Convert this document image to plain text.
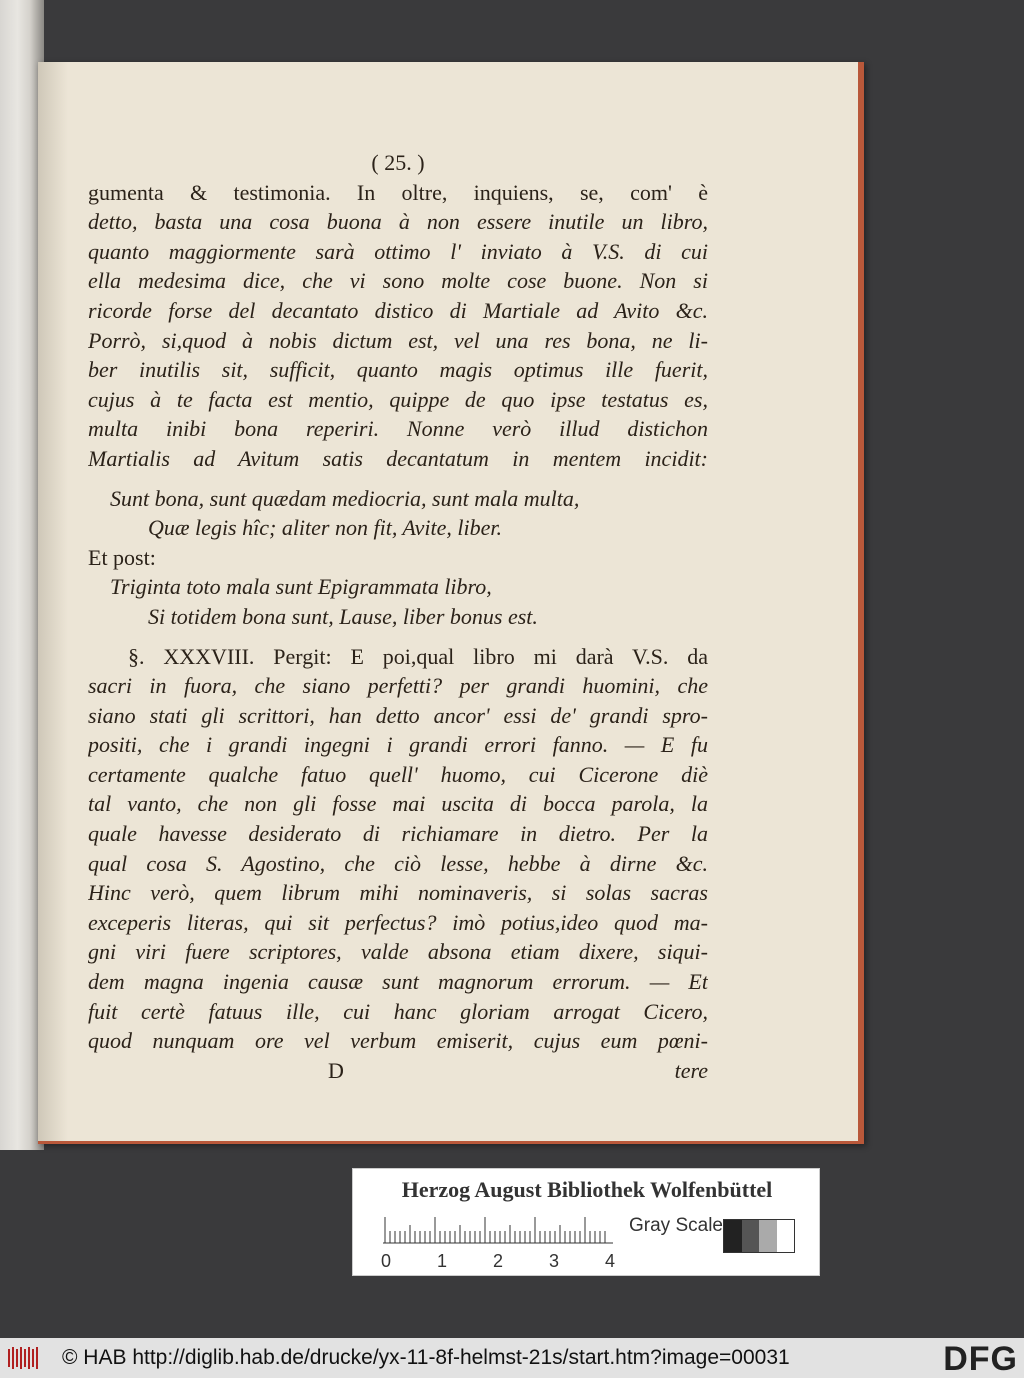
( 25. )
gumenta & testimonia. In oltre, inquiens, se, com' è
detto, basta una cosa buona à non essere inutile un libro,
quanto maggiormente sarà ottimo l' inviato à V.S. di cui
ella medesima dice, che vi sono molte cose buone. Non si
ricorde forse del decantato distico di Martiale ad Avito &c.
Porrò, si,quod à nobis dictum est, vel una res bona, ne li-
ber inutilis sit, sufficit, quanto magis optimus ille fuerit,
cujus à te facta est mentio, quippe de quo ipse testatus es,
multa inibi bona reperiri. Nonne verò illud distichon
Martialis ad Avitum satis decantatum in mentem incidit:
Sunt bona, sunt quædam mediocria, sunt mala multa,
Quæ legis hîc; aliter non fit, Avite, liber.
Et post:
Triginta toto mala sunt Epigrammata libro,
Si totidem bona sunt, Lause, liber bonus est.
§. XXXVIII. Pergit: E poi,qual libro mi darà V.S. da
sacri in fuora, che siano perfetti? per grandi huomini, che
siano stati gli scrittori, han detto ancor' essi de' grandi spro-
positi, che i grandi ingegni i grandi errori fanno. — E fu
certamente qualche fatuo quell' huomo, cui Cicerone diè
tal vanto, che non gli fosse mai uscita di bocca parola, la
quale havesse desiderato di richiamare in dietro. Per la
qual cosa S. Agostino, che ciò lesse, hebbe à dirne &c.
Hinc verò, quem librum mihi nominaveris, si solas sacras
exceperis literas, qui sit perfectus? imò potius,ideo quod ma-
gni viri fuere scriptores, valde absona etiam dixere, siqui-
dem magna ingenia causæ sunt magnorum errorum. — Et
fuit certè fatuus ille, cui hanc gloriam arrogat Cicero,
quod nunquam ore vel verbum emiserit, cujus eum pœni-
D	tere
Herzog August Bibliothek Wolfenbüttel
Gray Scale
0	1	2	3	4
© HAB http://diglib.hab.de/drucke/yx-11-8f-helmst-21s/start.htm?image=00031	DFG
